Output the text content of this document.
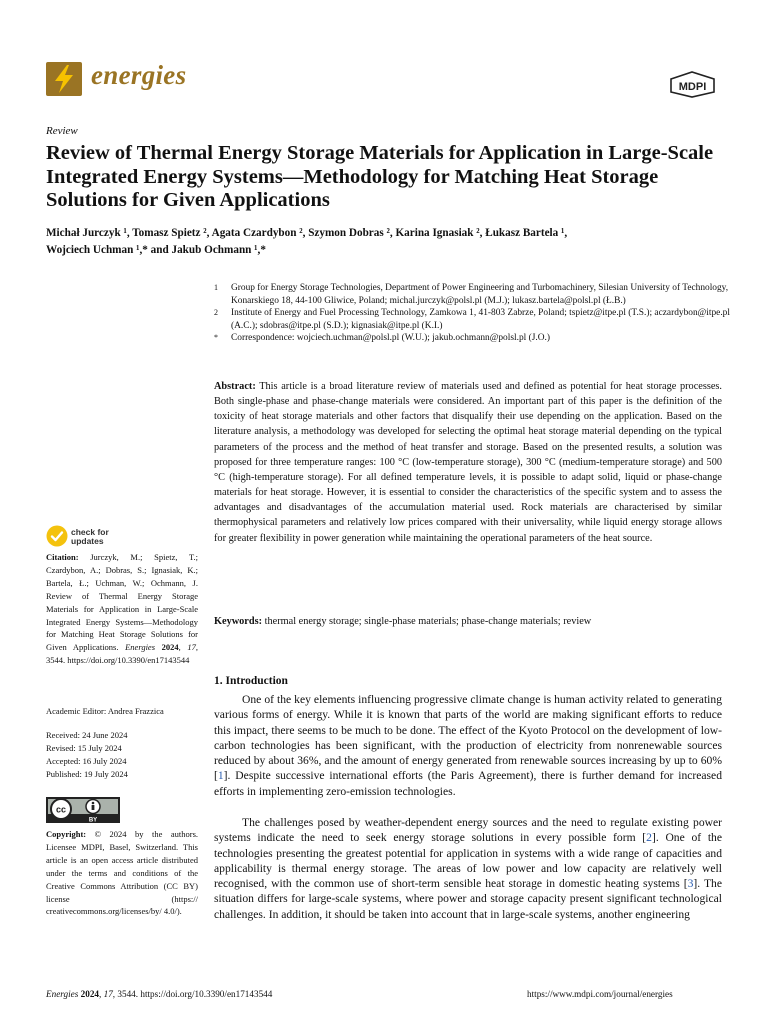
energies	MDPI
Review
Review of Thermal Energy Storage Materials for Application in Large-Scale Integrated Energy Systems—Methodology for Matching Heat Storage Solutions for Given Applications
Michał Jurczyk ¹, Tomasz Spietz ², Agata Czardybon ², Szymon Dobras ², Karina Ignasiak ², Łukasz Bartela ¹,
Wojciech Uchman ¹,* and Jakub Ochmann ¹,*
1	Group for Energy Storage Technologies, Department of Power Engineering and Turbomachinery, Silesian University of Technology, Konarskiego 18, 44-100 Gliwice, Poland; michal.jurczyk@polsl.pl (M.J.); lukasz.bartela@polsl.pl (Ł.B.)
2	Institute of Energy and Fuel Processing Technology, Zamkowa 1, 41-803 Zabrze, Poland; tspietz@itpe.pl (T.S.); aczardybon@itpe.pl (A.C.); sdobras@itpe.pl (S.D.); kignasiak@itpe.pl (K.I.)
*	Correspondence: wojciech.uchman@polsl.pl (W.U.); jakub.ochmann@polsl.pl (J.O.)
Abstract: This article is a broad literature review of materials used and defined as potential for heat storage processes. Both single-phase and phase-change materials were considered. An important part of this paper is the definition of the toxicity of heat storage materials and other factors that disqualify their use depending on the application. Based on the literature analysis, a methodology was developed for selecting the optimal heat storage material depending on the typical parameters of the process and the method of heat transfer and storage. Based on the presented results, a solution was proposed for three temperature ranges: 100 °C (low-temperature storage), 300 °C (medium-temperature storage) and 500 °C (high-temperature storage). For all defined temperature levels, it is possible to adapt solid, liquid or phase-change materials for heat storage. However, it is essential to consider the characteristics of the specific system and to assess the advantages and disadvantages of the accumulation material used. Rock materials are characterised by similar thermophysical parameters and relatively low prices compared with their universality, while liquid energy storage allows for greater flexibility in power generation while maintaining the operational parameters of the heat source.
Keywords: thermal energy storage; single-phase materials; phase-change materials; review
1. Introduction
One of the key elements influencing progressive climate change is human activity related to generating various forms of energy. While it is known that parts of the world are making significant efforts to reduce this impact, there seems to be much to be done. The effect of the Kyoto Protocol on the development of low-carbon technologies has been significant, with the production of electricity from nonrenewable sources reduced by about 36%, and the amount of energy generated from renewable sources increasing by up to 60% [1]. Despite successive international efforts (the Paris Agreement), there is further demand for increased efforts in implementing zero-emission technologies.
The challenges posed by weather-dependent energy sources and the need to regulate existing power systems indicate the need to seek energy storage solutions in every possible form [2]. One of the technologies presenting the greatest potential for application in systems with a wide range of capacities and applicability is thermal energy storage. The areas of low power and low capacity are relatively well recognised, with the common use of short-term sensible heat storage in domestic heating systems [3]. The situation differs for large-scale systems, where power and storage capacity present significant technological challenges. In addition, it should be taken into account that in large-scale systems, another engineering
check for updates
Citation: Jurczyk, M.; Spietz, T.; Czardybon, A.; Dobras, S.; Ignasiak, K.; Bartela, Ł.; Uchman, W.; Ochmann, J. Review of Thermal Energy Storage Materials for Application in Large-Scale Integrated Energy Systems—Methodology for Matching Heat Storage Solutions for Given Applications. Energies 2024, 17, 3544. https://doi.org/10.3390/en17143544
Academic Editor: Andrea Frazzica
Received: 24 June 2024
Revised: 15 July 2024
Accepted: 16 July 2024
Published: 19 July 2024
cc
BY
Copyright: © 2024 by the authors. Licensee MDPI, Basel, Switzerland. This article is an open access article distributed under the terms and conditions of the Creative Commons Attribution (CC BY) license (https:// creativecommons.org/licenses/by/ 4.0/).
Energies 2024, 17, 3544. https://doi.org/10.3390/en17143544	https://www.mdpi.com/journal/energies
